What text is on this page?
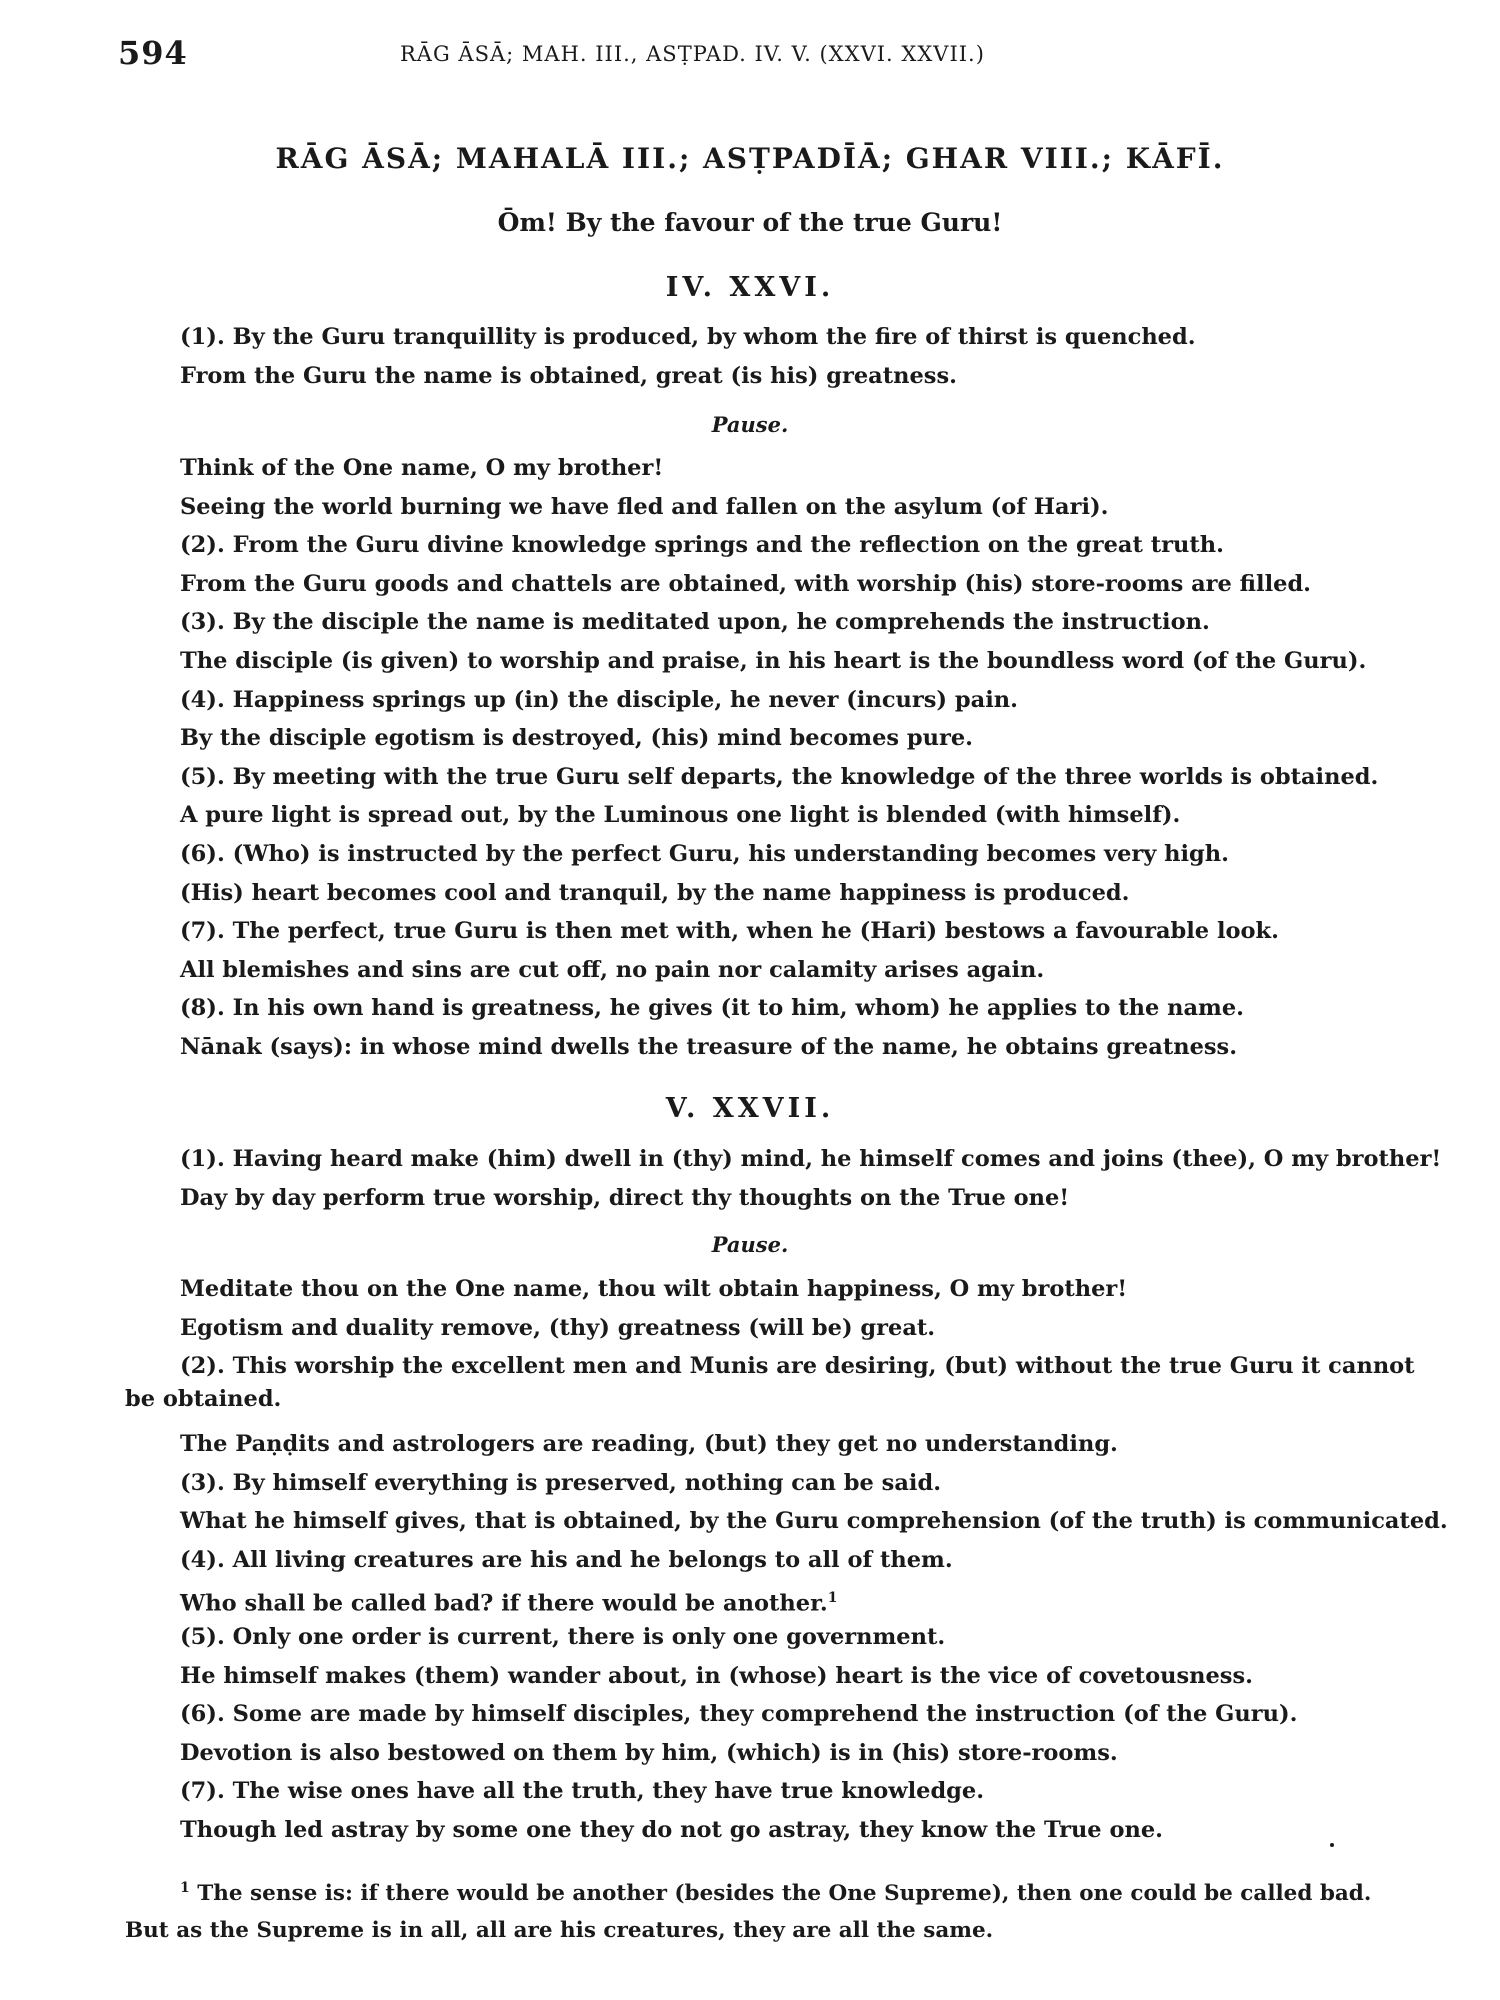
594	RĀG ĀSĀ; MAH. III., ASṬPAD. IV. V. (XXVI. XXVII.)
RĀG ĀSĀ; MAHALĀ III.; ASṬPADĪĀ; GHAR VIII.; KĀFĪ.
Ōm! By the favour of the true Guru!
IV. XXVI.
(1). By the Guru tranquillity is produced, by whom the fire of thirst is quenched.
From the Guru the name is obtained, great (is his) greatness.
Pause.
Think of the One name, O my brother!
Seeing the world burning we have fled and fallen on the asylum (of Hari).
(2). From the Guru divine knowledge springs and the reflection on the great truth.
From the Guru goods and chattels are obtained, with worship (his) store-rooms are filled.
(3). By the disciple the name is meditated upon, he comprehends the instruction.
The disciple (is given) to worship and praise, in his heart is the boundless word (of the Guru).
(4). Happiness springs up (in) the disciple, he never (incurs) pain.
By the disciple egotism is destroyed, (his) mind becomes pure.
(5). By meeting with the true Guru self departs, the knowledge of the three worlds is obtained.
A pure light is spread out, by the Luminous one light is blended (with himself).
(6). (Who) is instructed by the perfect Guru, his understanding becomes very high.
(His) heart becomes cool and tranquil, by the name happiness is produced.
(7). The perfect, true Guru is then met with, when he (Hari) bestows a favourable look.
All blemishes and sins are cut off, no pain nor calamity arises again.
(8). In his own hand is greatness, he gives (it to him, whom) he applies to the name.
Nānak (says): in whose mind dwells the treasure of the name, he obtains greatness.
V. XXVII.
(1). Having heard make (him) dwell in (thy) mind, he himself comes and joins (thee), O my brother!
Day by day perform true worship, direct thy thoughts on the True one!
Pause.
Meditate thou on the One name, thou wilt obtain happiness, O my brother!
Egotism and duality remove, (thy) greatness (will be) great.
(2). This worship the excellent men and Munis are desiring, (but) without the true Guru it cannot
be obtained.
The Paṇḍits and astrologers are reading, (but) they get no understanding.
(3). By himself everything is preserved, nothing can be said.
What he himself gives, that is obtained, by the Guru comprehension (of the truth) is communicated.
(4). All living creatures are his and he belongs to all of them.
Who shall be called bad? if there would be another.$^1$
(5). Only one order is current, there is only one government.
He himself makes (them) wander about, in (whose) heart is the vice of covetousness.
(6). Some are made by himself disciples, they comprehend the instruction (of the Guru).
Devotion is also bestowed on them by him, (which) is in (his) store-rooms.
(7). The wise ones have all the truth, they have true knowledge.
Though led astray by some one they do not go astray, they know the True one.
$^1$ The sense is: if there would be another (besides the One Supreme), then one could be called bad.
But as the Supreme is in all, all are his creatures, they are all the same.
